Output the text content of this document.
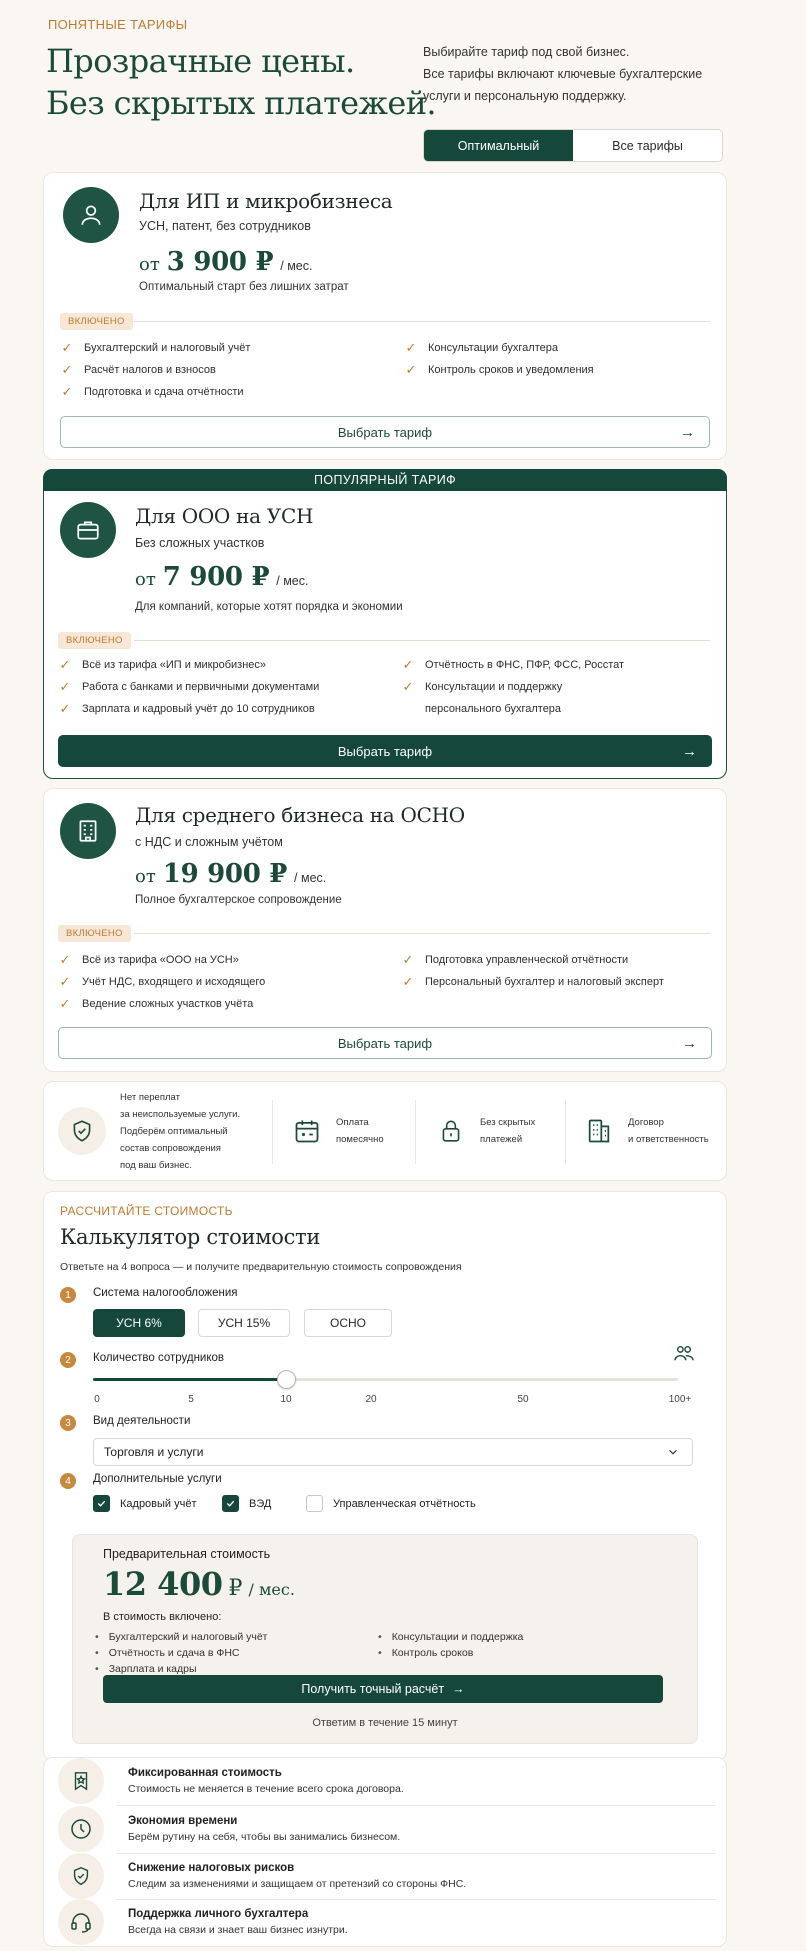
ПОНЯТНЫЕ ТАРИФЫ
Прозрачные цены.
Без скрытых платежей.
Выбирайте тариф под свой бизнес.
Все тарифы включают ключевые бухгалтерские
услуги и персональную поддержку.
Оптимальный	Все тарифы
Для ИП и микробизнеса
УСН, патент, без сотрудников
от 3 900 ₽ / мес.
Оптимальный старт без лишних затрат
ВКЛЮЧЕНО
✓ Бухгалтерский и налоговый учёт
✓ Расчёт налогов и взносов
✓ Подготовка и сдача отчётности
✓ Консультации бухгалтера
✓ Контроль сроков и уведомления
Выбрать тариф	→
ПОПУЛЯРНЫЙ ТАРИФ
Для ООО на УСН
Без сложных участков
от 7 900 ₽ / мес.
Для компаний, которые хотят порядка и экономии
ВКЛЮЧЕНО
✓ Всё из тарифа «ИП и микробизнес»
✓ Работа с банками и первичными документами
✓ Зарплата и кадровый учёт до 10 сотрудников
✓ Отчётность в ФНС, ПФР, ФСС, Росстат
✓ Консультации и поддержку персонального бухгалтера
Выбрать тариф	→
Для среднего бизнеса на ОСНО
с НДС и сложным учётом
от 19 900 ₽ / мес.
Полное бухгалтерское сопровождение
ВКЛЮЧЕНО
✓ Всё из тарифа «ООО на УСН»
✓ Учёт НДС, входящего и исходящего
✓ Ведение сложных участков учёта
✓ Подготовка управленческой отчётности
✓ Персональный бухгалтер и налоговый эксперт
Выбрать тариф	→
Нет переплат
за неиспользуемые услуги.
Подберём оптимальный
состав сопровождения
под ваш бизнес.
Оплата
помесячно
Без скрытых
платежей
Договор
и ответственность
РАССЧИТАЙТЕ СТОИМОСТЬ
Калькулятор стоимости
Ответьте на 4 вопроса — и получите предварительную стоимость сопровождения
1	Система налогообложения
УСН 6%	УСН 15%	ОСНО
2	Количество сотрудников
0	5	10	20	50	100+
3	Вид деятельности
Торговля и услуги
4	Дополнительные услуги
Кадровый учёт	ВЭД	Управленческая отчётность
Предварительная стоимость
12 400 ₽ / мес.
В стоимость включено:
• Бухгалтерский и налоговый учёт
• Отчётность и сдача в ФНС
• Зарплата и кадры
• Консультации и поддержка
• Контроль сроков
Получить точный расчёт →
Ответим в течение 15 минут
Фиксированная стоимость
Стоимость не меняется в течение всего срока договора.
Экономия времени
Берём рутину на себя, чтобы вы занимались бизнесом.
Снижение налоговых рисков
Следим за изменениями и защищаем от претензий со стороны ФНС.
Поддержка личного бухгалтера
Всегда на связи и знает ваш бизнес изнутри.
